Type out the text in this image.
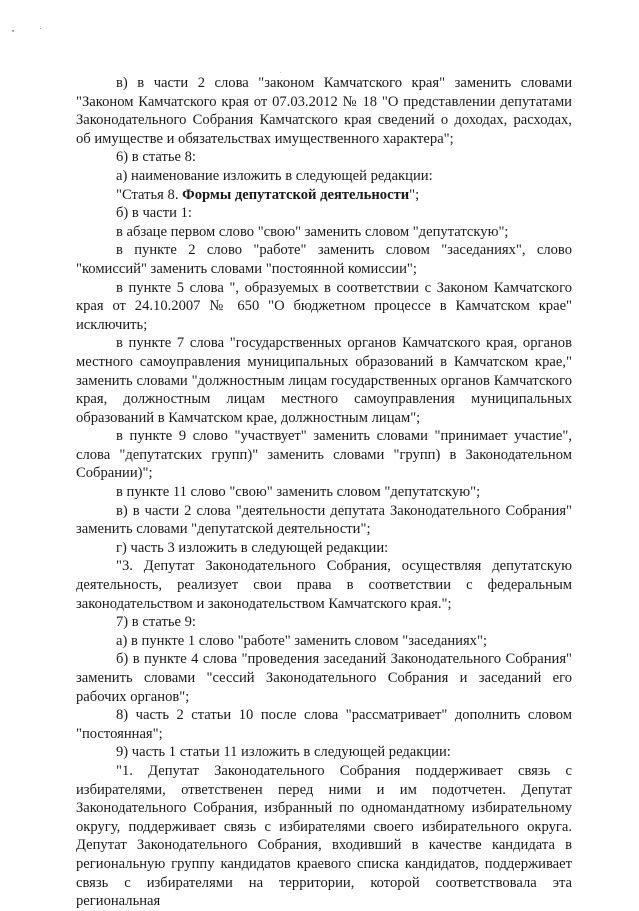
в) в части 2 слова "законом Камчатского края" заменить словами "Законом Камчатского края от 07.03.2012 № 18 "О представлении депутатами Законодательного Собрания Камчатского края сведений о доходах, расходах, об имуществе и обязательствах имущественного характера";

6) в статье 8:

а) наименование изложить в следующей редакции:

"Статья 8. Формы депутатской деятельности";

б) в части 1:

в абзаце первом слово "свою" заменить словом "депутатскую";

в пункте 2 слово "работе" заменить словом "заседаниях", слово "комиссий" заменить словами "постоянной комиссии";

в пункте 5 слова ", образуемых в соответствии с Законом Камчатского края от 24.10.2007 № 650 "О бюджетном процессе в Камчатском крае" исключить;

в пункте 7 слова "государственных органов Камчатского края, органов местного самоуправления муниципальных образований в Камчатском крае," заменить словами "должностным лицам государственных органов Камчатского края, должностным лицам местного самоуправления муниципальных образований в Камчатском крае, должностным лицам";

в пункте 9 слово "участвует" заменить словами "принимает участие", слова "депутатских групп)" заменить словами "групп) в Законодательном Собрании)";

в пункте 11 слово "свою" заменить словом "депутатскую";

в) в части 2 слова "деятельности депутата Законодательного Собрания" заменить словами "депутатской деятельности";

г) часть 3 изложить в следующей редакции:

"3. Депутат Законодательного Собрания, осуществляя депутатскую деятельность, реализует свои права в соответствии с федеральным законодательством и законодательством Камчатского края.";

7) в статье 9:

а) в пункте 1 слово "работе" заменить словом "заседаниях";

б) в пункте 4 слова "проведения заседаний Законодательного Собрания" заменить словами "сессий Законодательного Собрания и заседаний его рабочих органов";

8) часть 2 статьи 10 после слова "рассматривает" дополнить словом "постоянная";

9) часть 1 статьи 11 изложить в следующей редакции:

"1. Депутат Законодательного Собрания поддерживает связь с избирателями, ответственен перед ними и им подотчетен. Депутат Законодательного Собрания, избранный по одномандатному избирательному округу, поддерживает связь с избирателями своего избирательного округа. Депутат Законодательного Собрания, входивший в качестве кандидата в региональную группу кандидатов краевого списка кандидатов, поддерживает связь с избирателями на территории, которой соответствовала эта региональная
